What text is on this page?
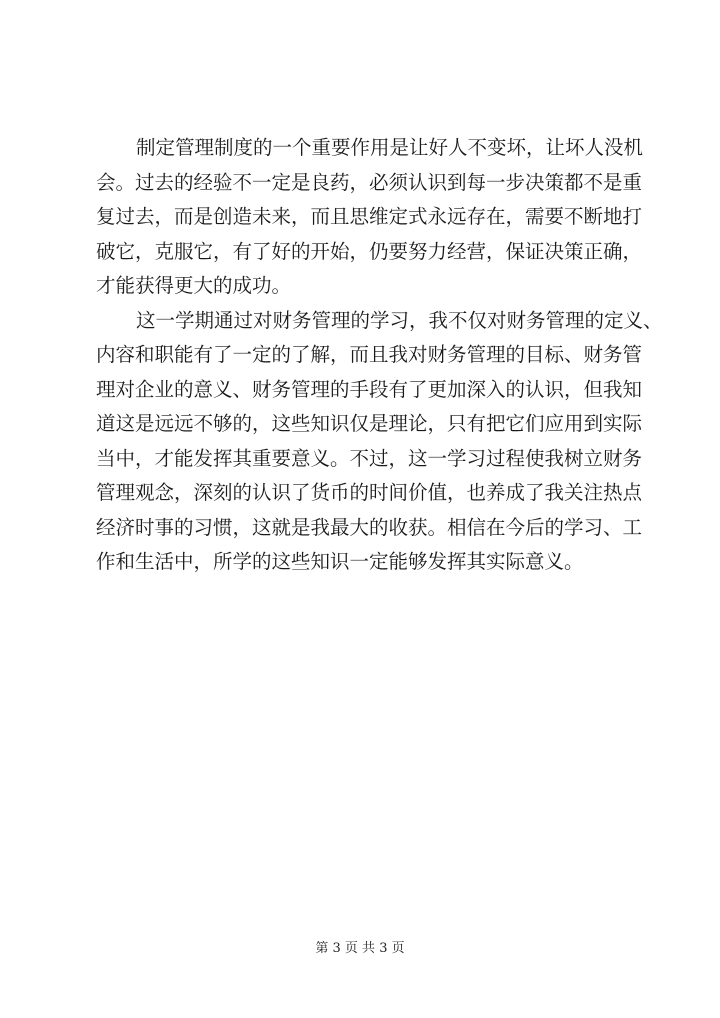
制定管理制度的一个重要作用是让好人不变坏，让坏人没机
会。过去的经验不一定是良药，必须认识到每一步决策都不是重
复过去，而是创造未来，而且思维定式永远存在，需要不断地打
破它，克服它，有了好的开始，仍要努力经营，保证决策正确，
才能获得更大的成功。
这一学期通过对财务管理的学习，我不仅对财务管理的定义、
内容和职能有了一定的了解，而且我对财务管理的目标、财务管
理对企业的意义、财务管理的手段有了更加深入的认识，但我知
道这是远远不够的，这些知识仅是理论，只有把它们应用到实际
当中，才能发挥其重要意义。不过，这一学习过程使我树立财务
管理观念，深刻的认识了货币的时间价值，也养成了我关注热点
经济时事的习惯，这就是我最大的收获。相信在今后的学习、工
作和生活中，所学的这些知识一定能够发挥其实际意义。
第 3 页 共 3 页
